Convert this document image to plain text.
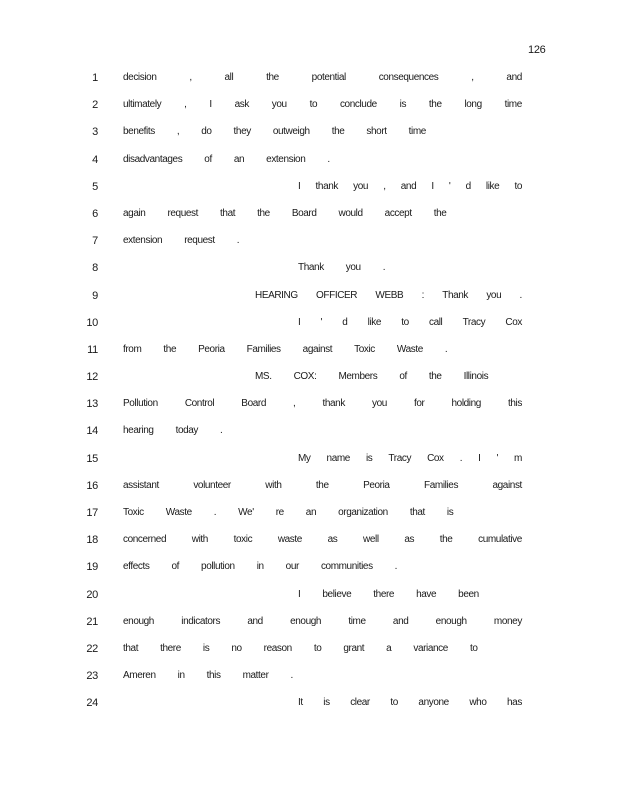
126
1	decision	,	all	the	potential	consequences	,	and
2	ultimately , I ask you to conclude is the long time
3	benefits , do they outweigh the short time
4	disadvantages of an extension .
5	I thank you , and I ' d like to
6	again request that the Board would accept the
7	extension request .
8	Thank you .
9	HEARING OFFICER WEBB : Thank you .
10	I ' d like to call Tracy Cox
11	from the Peoria Families against Toxic Waste .
12	MS. COX: Members of the Illinois
13	Pollution	Control	Board	,	thank	you	for	holding	this
14	hearing today .
15	My name is Tracy Cox . I ' m
16	assistant	volunteer	with	the	Peoria	Families	against
17	Toxic Waste . We' re an organization that is
18	concerned	with	toxic	waste	as	well	as	the	cumulative
19	effects of pollution in our communities .
20	I believe there have been
21	enough	indicators	and	enough	time	and	enough	money
22	that there is no reason to grant a variance to
23	Ameren in this matter .
24	It is clear to anyone who has
